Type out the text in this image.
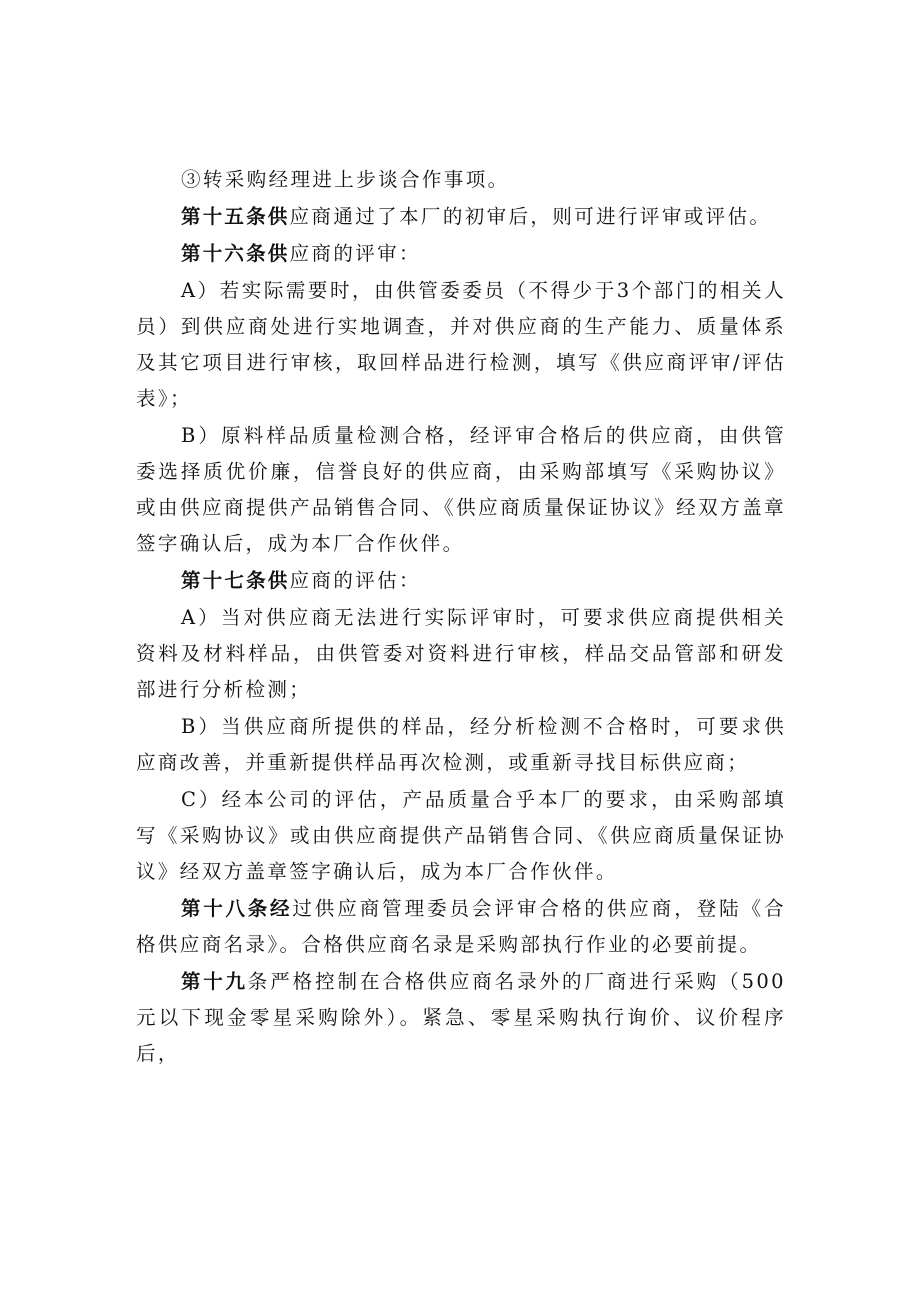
③转采购经理进上步谈合作事项。

第十五条供应商通过了本厂的初审后，则可进行评审或评估。

第十六条供应商的评审：

A）若实际需要时，由供管委委员（不得少于3个部门的相关人员）到供应商处进行实地调查，并对供应商的生产能力、质量体系及其它项目进行审核，取回样品进行检测，填写《供应商评审/评估表》；

B）原料样品质量检测合格，经评审合格后的供应商，由供管委选择质优价廉，信誉良好的供应商，由采购部填写《采购协议》或由供应商提供产品销售合同、《供应商质量保证协议》经双方盖章签字确认后，成为本厂合作伙伴。

第十七条供应商的评估：

A）当对供应商无法进行实际评审时，可要求供应商提供相关资料及材料样品，由供管委对资料进行审核，样品交品管部和研发部进行分析检测；

B）当供应商所提供的样品，经分析检测不合格时，可要求供应商改善，并重新提供样品再次检测，或重新寻找目标供应商；

C）经本公司的评估，产品质量合乎本厂的要求，由采购部填写《采购协议》或由供应商提供产品销售合同、《供应商质量保证协议》经双方盖章签字确认后，成为本厂合作伙伴。

第十八条经过供应商管理委员会评审合格的供应商，登陆《合格供应商名录》。合格供应商名录是采购部执行作业的必要前提。

第十九条严格控制在合格供应商名录外的厂商进行采购（500元以下现金零星采购除外）。紧急、零星采购执行询价、议价程序后，
